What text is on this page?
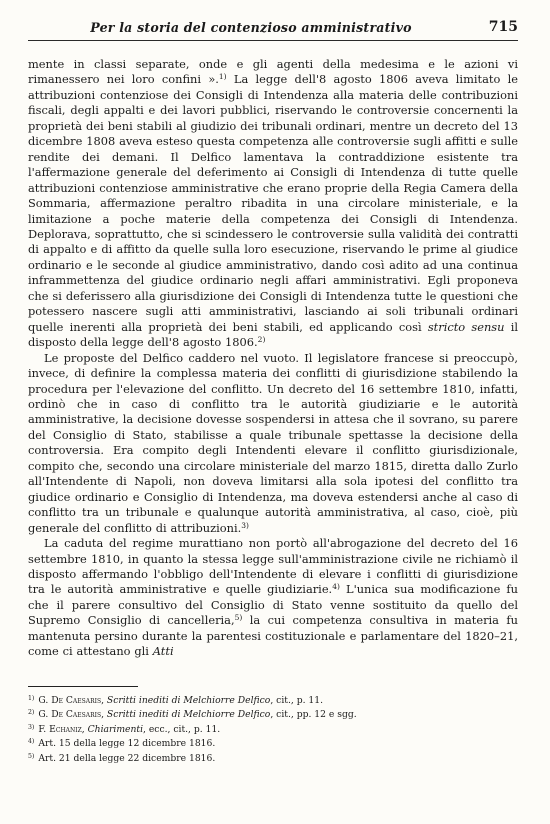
Per la storia del contenzioso amministrativo	715

mente in classi separate, onde e gli agenti della medesima e le azioni vi rimanessero nei loro confini ».$^{1)}$ La legge dell'8 agosto 1806 aveva limitato le attribuzioni contenziose dei Consigli di Intendenza alla materia delle contribuzioni fiscali, degli appalti e dei lavori pubblici, riservando le controversie concernenti la proprietà dei beni stabili al giudizio dei tribunali ordinari, mentre un decreto del 13 dicembre 1808 aveva esteso questa competenza alle controversie sugli affitti e sulle rendite dei demani. Il Delfico lamentava la contraddizione esistente tra l'affermazione generale del deferimento ai Consigli di Intendenza di tutte quelle attribuzioni contenziose amministrative che erano proprie della Regia Camera della Sommaria, affermazione peraltro ribadita in una circolare ministeriale, e la limitazione a poche materie della competenza dei Consigli di Intendenza. Deplorava, soprattutto, che si scindessero le controversie sulla validità dei contratti di appalto e di affitto da quelle sulla loro esecuzione, riservando le prime al giudice ordinario e le seconde al giudice amministrativo, dando così adito ad una continua inframmettenza del giudice ordinario negli affari amministrativi. Egli proponeva che si deferissero alla giurisdizione dei Consigli di Intendenza tutte le questioni che potessero nascere sugli atti amministrativi, lasciando ai soli tribunali ordinari quelle inerenti alla proprietà dei beni stabili, ed applicando così stricto sensu il disposto della legge dell'8 agosto 1806.$^{2)}$

Le proposte del Delfico caddero nel vuoto. Il legislatore francese si preoccupò, invece, di definire la complessa materia dei conflitti di giurisdizione stabilendo la procedura per l'elevazione del conflitto. Un decreto del 16 settembre 1810, infatti, ordinò che in caso di conflitto tra le autorità giudiziarie e le autorità amministrative, la decisione dovesse sospendersi in attesa che il sovrano, su parere del Consiglio di Stato, stabilisse a quale tribunale spettasse la decisione della controversia. Era compito degli Intendenti elevare il conflitto giurisdizionale, compito che, secondo una circolare ministeriale del marzo 1815, diretta dallo Zurlo all'Intendente di Napoli, non doveva limitarsi alla sola ipotesi del conflitto tra giudice ordinario e Consiglio di Intendenza, ma doveva estendersi anche al caso di conflitto tra un tribunale e qualunque autorità amministrativa, al caso, cioè, più generale del conflitto di attribuzioni.$^{3)}$

La caduta del regime murattiano non portò all'abrogazione del decreto del 16 settembre 1810, in quanto la stessa legge sull'amministrazione civile ne richiamò il disposto affermando l'obbligo dell'Intendente di elevare i conflitti di giurisdizione tra le autorità amministrative e quelle giudiziarie.$^{4)}$ L'unica sua modificazione fu che il parere consultivo del Consiglio di Stato venne sostituito da quello del Supremo Consiglio di cancelleria,$^{5)}$ la cui competenza consultiva in materia fu mantenuta persino durante la parentesi costituzionale e parlamentare del 1820–21, come ci attestano gli Atti

$^{1)}$ G. De Caesaris, Scritti inediti di Melchiorre Delfico, cit., p. 11.
$^{2)}$ G. De Caesaris, Scritti inediti di Melchiorre Delfico, cit., pp. 12 e sgg.
$^{3)}$ F. Echaniz, Chiarimenti, ecc., cit., p. 11.
$^{4)}$ Art. 15 della legge 12 dicembre 1816.
$^{5)}$ Art. 21 della legge 22 dicembre 1816.
